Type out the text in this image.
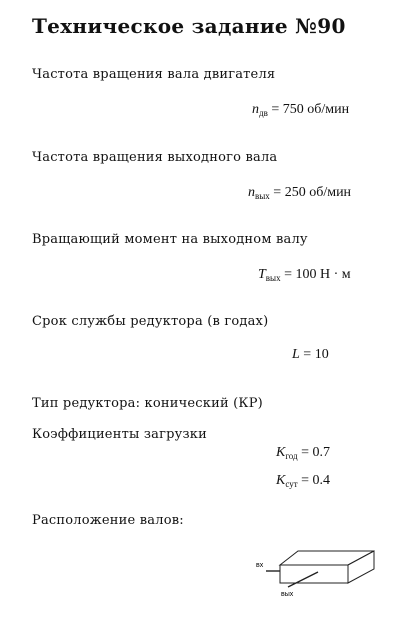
Техническое задание №90
Частота вращения вала двигателя
$n_{дв} = 750$ об/мин
Частота вращения выходного вала
$n_{вых} = 250$ об/мин
Вращающий момент на выходном валу
$T_{вых} = 100$ Н · м
Срок службы редуктора (в годах)
L = 10
Тип редуктора: конический (КР)
Коэффициенты загрузки
$K_{год} = 0.7$
$K_{сут} = 0.4$
Расположение валов:
вх
вых
